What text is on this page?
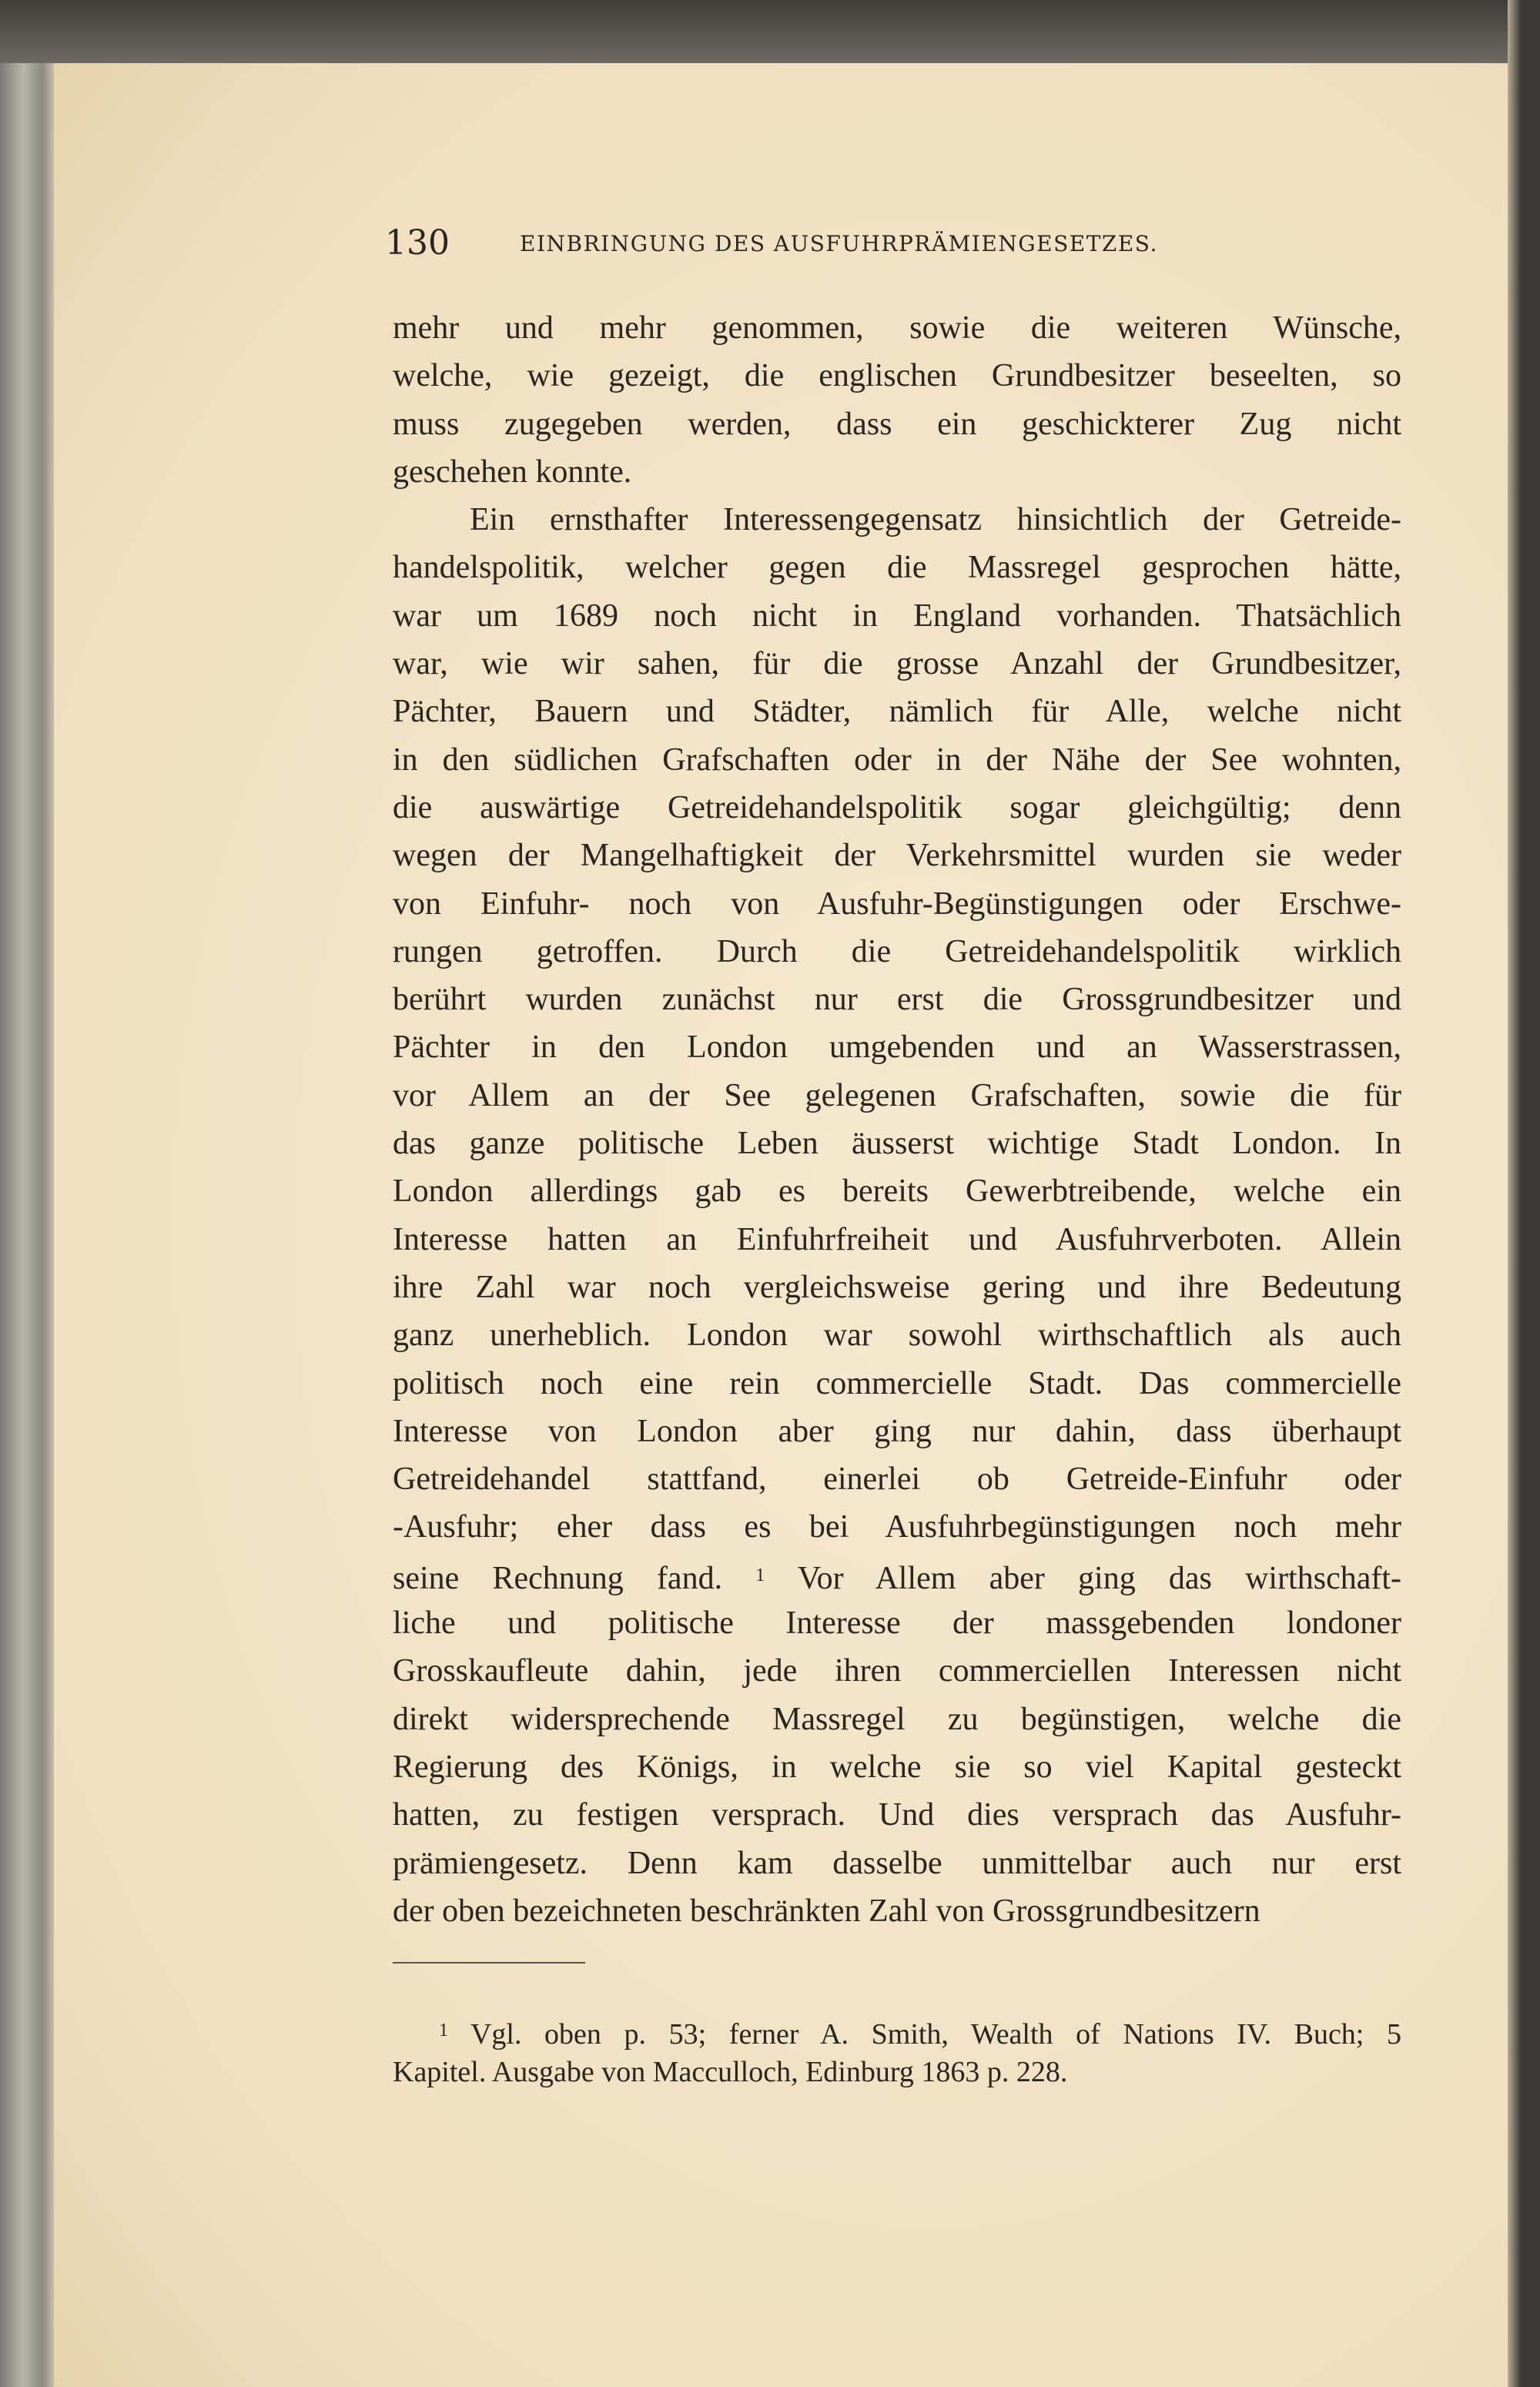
130	EINBRINGUNG DES AUSFUHRPRÄMIENGESETZES.
mehr und mehr genommen, sowie die weiteren Wünsche,
welche, wie gezeigt, die englischen Grundbesitzer beseelten, so
muss zugegeben werden, dass ein geschickterer Zug nicht
geschehen konnte.
Ein ernsthafter Interessengegensatz hinsichtlich der Getreide-
handelspolitik, welcher gegen die Massregel gesprochen hätte,
war um 1689 noch nicht in England vorhanden. Thatsächlich
war, wie wir sahen, für die grosse Anzahl der Grundbesitzer,
Pächter, Bauern und Städter, nämlich für Alle, welche nicht
in den südlichen Grafschaften oder in der Nähe der See wohnten,
die auswärtige Getreidehandelspolitik sogar gleichgültig; denn
wegen der Mangelhaftigkeit der Verkehrsmittel wurden sie weder
von Einfuhr- noch von Ausfuhr-Begünstigungen oder Erschwe-
rungen getroffen. Durch die Getreidehandelspolitik wirklich
berührt wurden zunächst nur erst die Grossgrundbesitzer und
Pächter in den London umgebenden und an Wasserstrassen,
vor Allem an der See gelegenen Grafschaften, sowie die für
das ganze politische Leben äusserst wichtige Stadt London. In
London allerdings gab es bereits Gewerbtreibende, welche ein
Interesse hatten an Einfuhrfreiheit und Ausfuhrverboten. Allein
ihre Zahl war noch vergleichsweise gering und ihre Bedeutung
ganz unerheblich. London war sowohl wirthschaftlich als auch
politisch noch eine rein commercielle Stadt. Das commercielle
Interesse von London aber ging nur dahin, dass überhaupt
Getreidehandel stattfand, einerlei ob Getreide-Einfuhr oder
-Ausfuhr; eher dass es bei Ausfuhrbegünstigungen noch mehr
seine Rechnung fand. $^1$ Vor Allem aber ging das wirthschaft-
liche und politische Interesse der massgebenden londoner
Grosskaufleute dahin, jede ihren commerciellen Interessen nicht
direkt widersprechende Massregel zu begünstigen, welche die
Regierung des Königs, in welche sie so viel Kapital gesteckt
hatten, zu festigen versprach. Und dies versprach das Ausfuhr-
prämiengesetz. Denn kam dasselbe unmittelbar auch nur erst
der oben bezeichneten beschränkten Zahl von Grossgrundbesitzern
$^1$ Vgl. oben p. 53; ferner A. Smith, Wealth of Nations IV. Buch; 5
Kapitel. Ausgabe von Macculloch, Edinburg 1863 p. 228.
